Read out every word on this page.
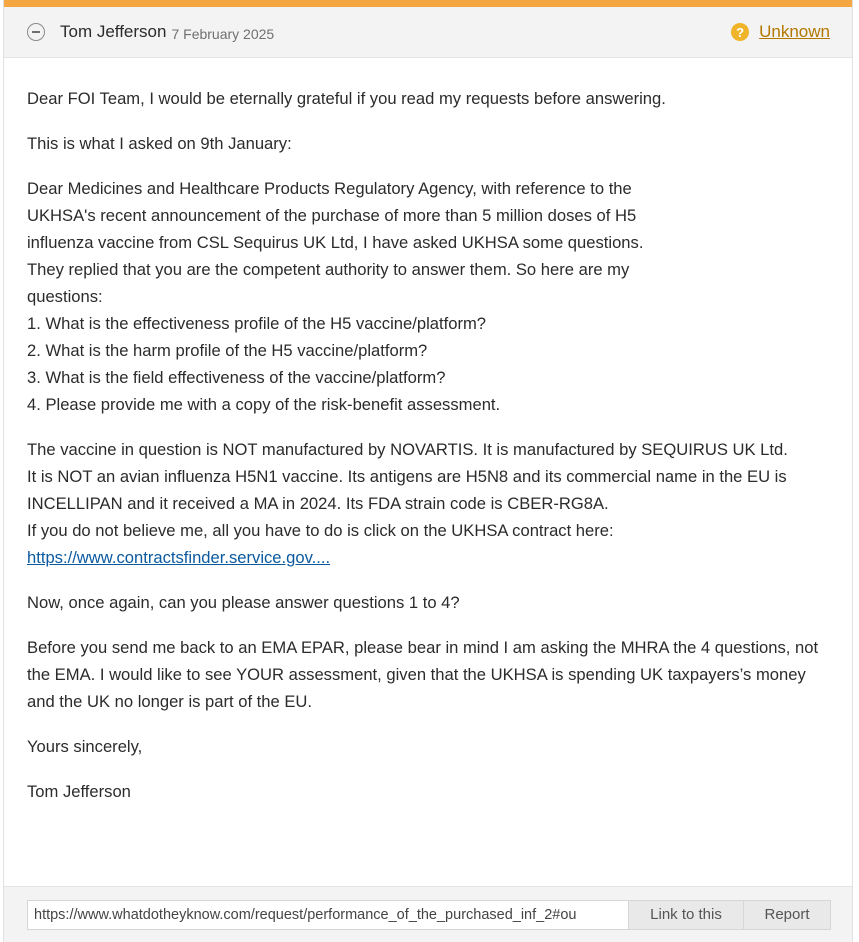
Tom Jefferson 7 February 2025	? Unknown

Dear FOI Team, I would be eternally grateful if you read my requests before answering.

This is what I asked on 9th January:

Dear Medicines and Healthcare Products Regulatory Agency, with reference to the
UKHSA's recent announcement of the purchase of more than 5 million doses of H5
influenza vaccine from CSL Sequirus UK Ltd, I have asked UKHSA some questions.
They replied that you are the competent authority to answer them. So here are my
questions:
1. What is the effectiveness profile of the H5 vaccine/platform?
2. What is the harm profile of the H5 vaccine/platform?
3. What is the field effectiveness of the vaccine/platform?
4. Please provide me with a copy of the risk-benefit assessment.

The vaccine in question is NOT manufactured by NOVARTIS. It is manufactured by SEQUIRUS UK Ltd.
It is NOT an avian influenza H5N1 vaccine. Its antigens are H5N8 and its commercial name in the EU is
INCELLIPAN and it received a MA in 2024. Its FDA strain code is CBER-RG8A.
If you do not believe me, all you have to do is click on the UKHSA contract here:
https://www.contractsfinder.service.gov....

Now, once again, can you please answer questions 1 to 4?

Before you send me back to an EMA EPAR, please bear in mind I am asking the MHRA the 4 questions, not
the EMA. I would like to see YOUR assessment, given that the UKHSA is spending UK taxpayers’s money
and the UK no longer is part of the EU.

Yours sincerely,

Tom Jefferson

https://www.whatdotheyknow.com/request/performance_of_the_purchased_inf_2#ou
Link to this	Report
